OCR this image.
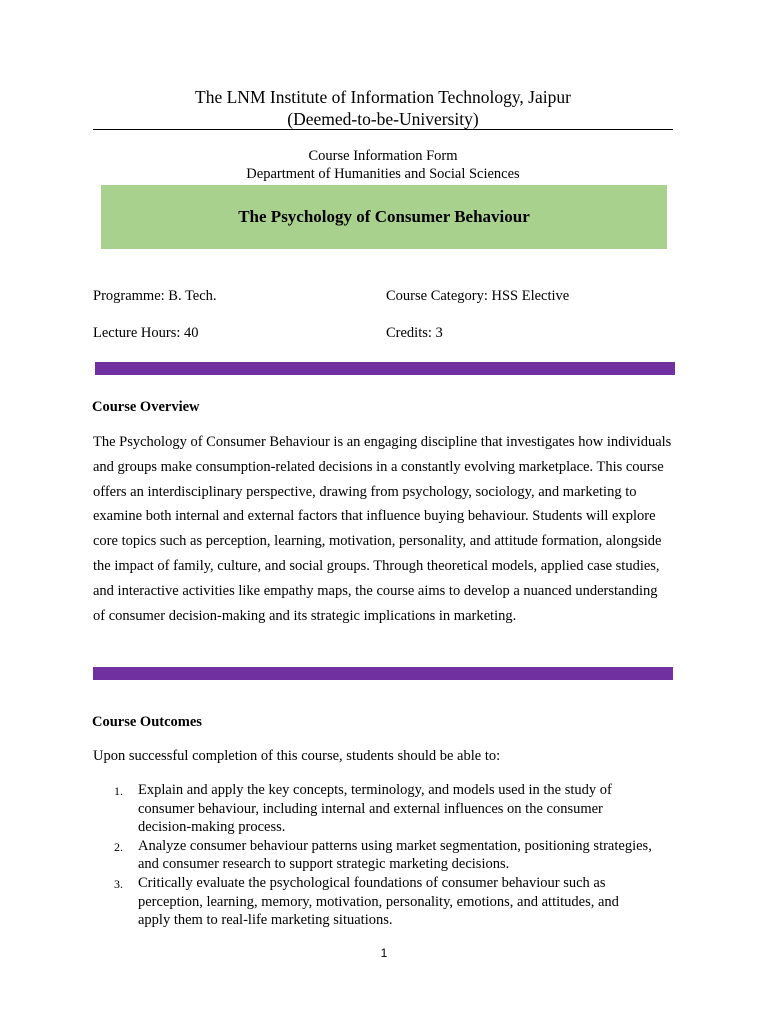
The LNM Institute of Information Technology, Jaipur
(Deemed-to-be-University)
Course Information Form
Department of Humanities and Social Sciences
The Psychology of Consumer Behaviour
Programme: B. Tech.	Course Category: HSS Elective
Lecture Hours: 40	Credits: 3
Course Overview

The Psychology of Consumer Behaviour is an engaging discipline that investigates how individuals and groups make consumption-related decisions in a constantly evolving marketplace. This course offers an interdisciplinary perspective, drawing from psychology, sociology, and marketing to examine both internal and external factors that influence buying behaviour. Students will explore core topics such as perception, learning, motivation, personality, and attitude formation, alongside the impact of family, culture, and social groups. Through theoretical models, applied case studies, and interactive activities like empathy maps, the course aims to develop a nuanced understanding of consumer decision-making and its strategic implications in marketing.

Course Outcomes
Upon successful completion of this course, students should be able to:
1. Explain and apply the key concepts, terminology, and models used in the study of consumer behaviour, including internal and external influences on the consumer decision-making process.
2. Analyze consumer behaviour patterns using market segmentation, positioning strategies, and consumer research to support strategic marketing decisions.
3. Critically evaluate the psychological foundations of consumer behaviour such as perception, learning, memory, motivation, personality, emotions, and attitudes, and apply them to real-life marketing situations.
1
